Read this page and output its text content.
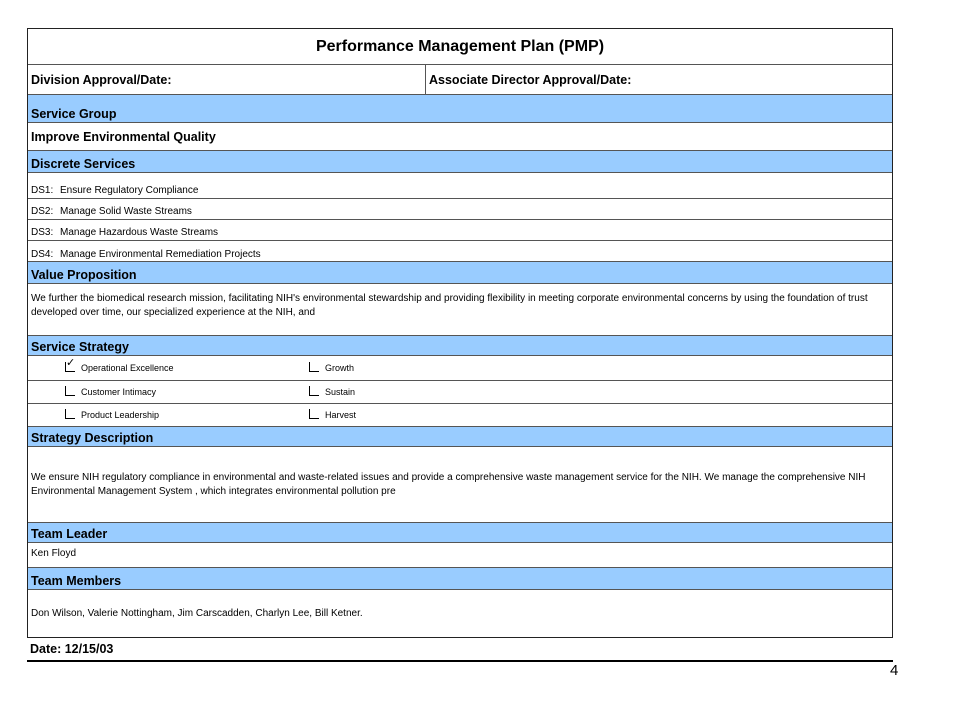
Performance Management Plan (PMP)
Division Approval/Date:	Associate Director Approval/Date:
Service Group
Improve Environmental Quality
Discrete Services
DS1: Ensure Regulatory Compliance
DS2: Manage Solid Waste Streams
DS3: Manage Hazardous Waste Streams
DS4: Manage Environmental Remediation Projects
Value Proposition
We further the biomedical research mission, facilitating NIH's environmental stewardship and providing flexibility in meeting corporate environmental concerns by using the foundation of trust developed over time, our specialized experience at the NIH, and
Service Strategy
✓ Operational Excellence	Growth
Customer Intimacy	Sustain
Product Leadership	Harvest
Strategy Description
We ensure NIH regulatory compliance in environmental and waste-related issues and provide a comprehensive waste management service for the NIH. We manage the comprehensive NIH Environmental Management System , which integrates environmental pollution pre
Team Leader
Ken Floyd
Team Members
Don Wilson, Valerie Nottingham, Jim Carscadden, Charlyn Lee, Bill Ketner.
Date: 12/15/03
4
